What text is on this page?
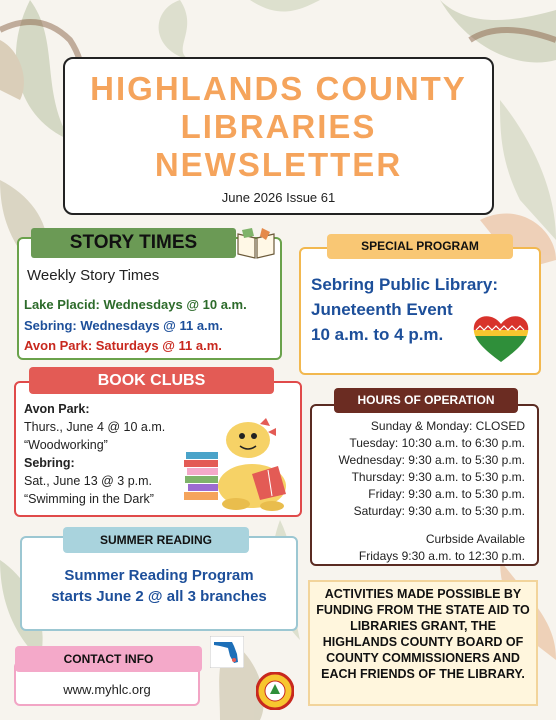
HIGHLANDS COUNTY
LIBRARIES
NEWSLETTER
June 2026 Issue 61
Weekly Story Times
Lake Placid: Wednesdays @ 10 a.m.
Sebring: Wednesdays @ 11 a.m.
Avon Park: Saturdays @ 11 a.m.
STORY TIMES
Sebring Public Library:
Juneteenth Event
10 a.m. to 4 p.m.
SPECIAL PROGRAM
Avon Park:
Thurs., June 4 @ 10 a.m.
“Woodworking”
Sebring:
Sat., June 13 @ 3 p.m.
“Swimming in the Dark”
BOOK CLUBS
Sunday & Monday: CLOSED
Tuesday: 10:30 a.m. to 6:30 p.m.
Wednesday: 9:30 a.m. to 5:30 p.m.
Thursday: 9:30 a.m. to 5:30 p.m.
Friday: 9:30 a.m. to 5:30 p.m.
Saturday: 9:30 a.m. to 5:30 p.m.
Curbside Available
Fridays 9:30 a.m. to 12:30 p.m.
HOURS OF OPERATION
Summer Reading Program
starts June 2 @ all 3 branches
SUMMER READING
www.myhlc.org
CONTACT INFO
ACTIVITIES MADE POSSIBLE BY FUNDING FROM THE STATE AID TO LIBRARIES GRANT, THE HIGHLANDS COUNTY BOARD OF COUNTY COMMISSIONERS AND EACH FRIENDS OF THE LIBRARY.
